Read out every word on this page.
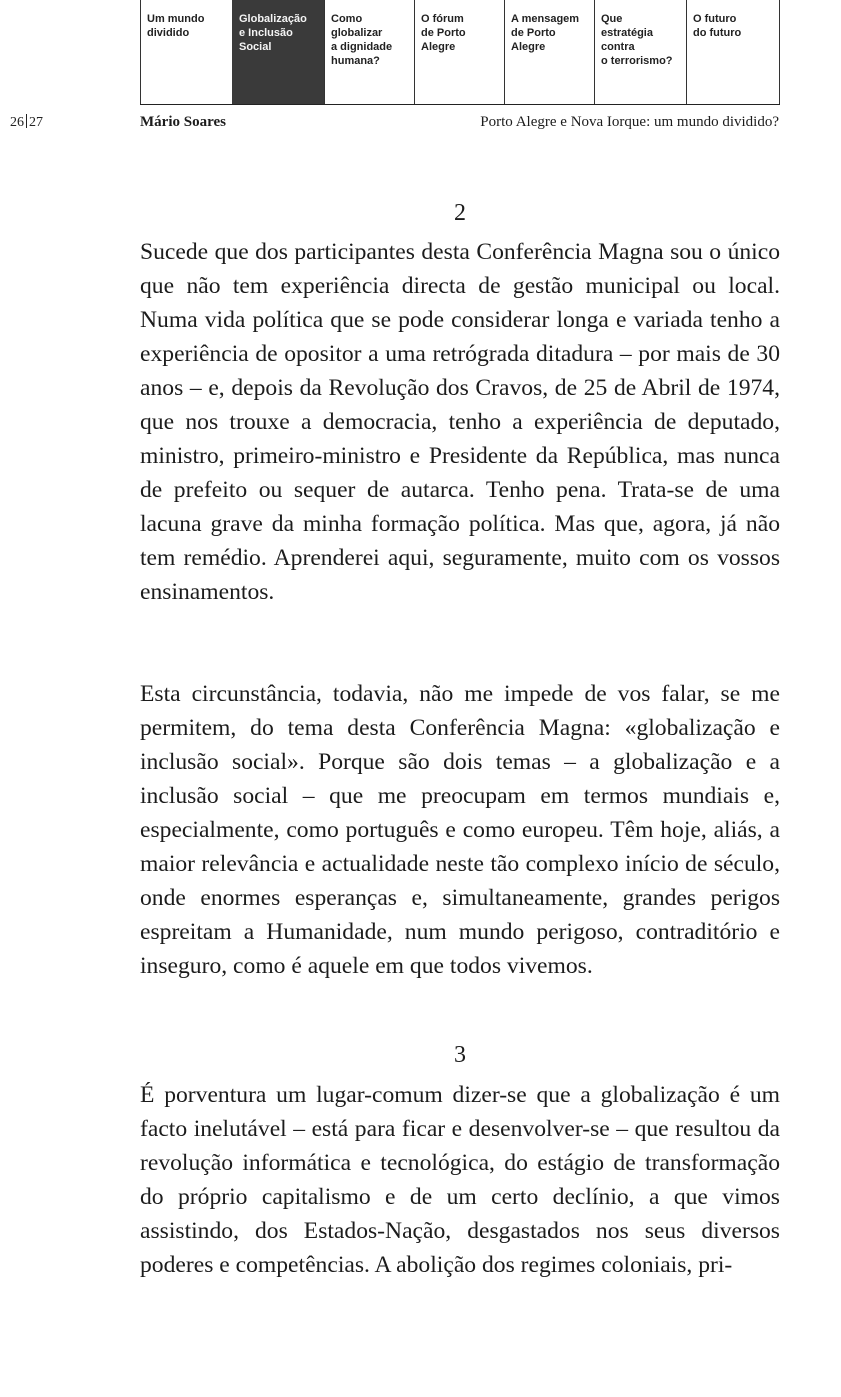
Um mundo
dividido
Globalização
e Inclusão
Social
Como
globalizar
a dignidade
humana?
O fórum
de Porto
Alegre
A mensagem
de Porto
Alegre
Que
estratégia
contra
o terrorismo?
O futuro
do futuro
26 27	Mário Soares	Porto Alegre e Nova Iorque: um mundo dividido?
2

Sucede que dos participantes desta Conferência Magna sou o único que não tem experiência directa de gestão municipal ou local. Numa vida política que se pode considerar longa e variada tenho a experiência de opositor a uma retrógrada ditadura – por mais de 30 anos – e, depois da Revolução dos Cravos, de 25 de Abril de 1974, que nos trouxe a democracia, tenho a experiência de deputado, ministro, primeiro-ministro e Presidente da República, mas nunca de prefeito ou sequer de autarca. Tenho pena. Trata-se de uma lacuna grave da minha formação política. Mas que, agora, já não tem remédio. Aprenderei aqui, seguramente, muito com os vossos ensinamentos.

Esta circunstância, todavia, não me impede de vos falar, se me permitem, do tema desta Conferência Magna: «globalização e inclusão social». Porque são dois temas – a globalização e a inclusão social – que me preocupam em termos mundiais e, especialmente, como português e como europeu. Têm hoje, aliás, a maior relevância e actualidade neste tão complexo início de século, onde enormes esperanças e, simultaneamente, grandes perigos espreitam a Humanidade, num mundo perigoso, contraditório e inseguro, como é aquele em que todos vivemos.

3

É porventura um lugar-comum dizer-se que a globalização é um facto inelutável – está para ficar e desenvolver-se – que resultou da revolução informática e tecnológica, do estágio de transformação do próprio capitalismo e de um certo declínio, a que vimos assistindo, dos Estados-Nação, desgastados nos seus diversos poderes e competências. A abolição dos regimes coloniais, pri-
